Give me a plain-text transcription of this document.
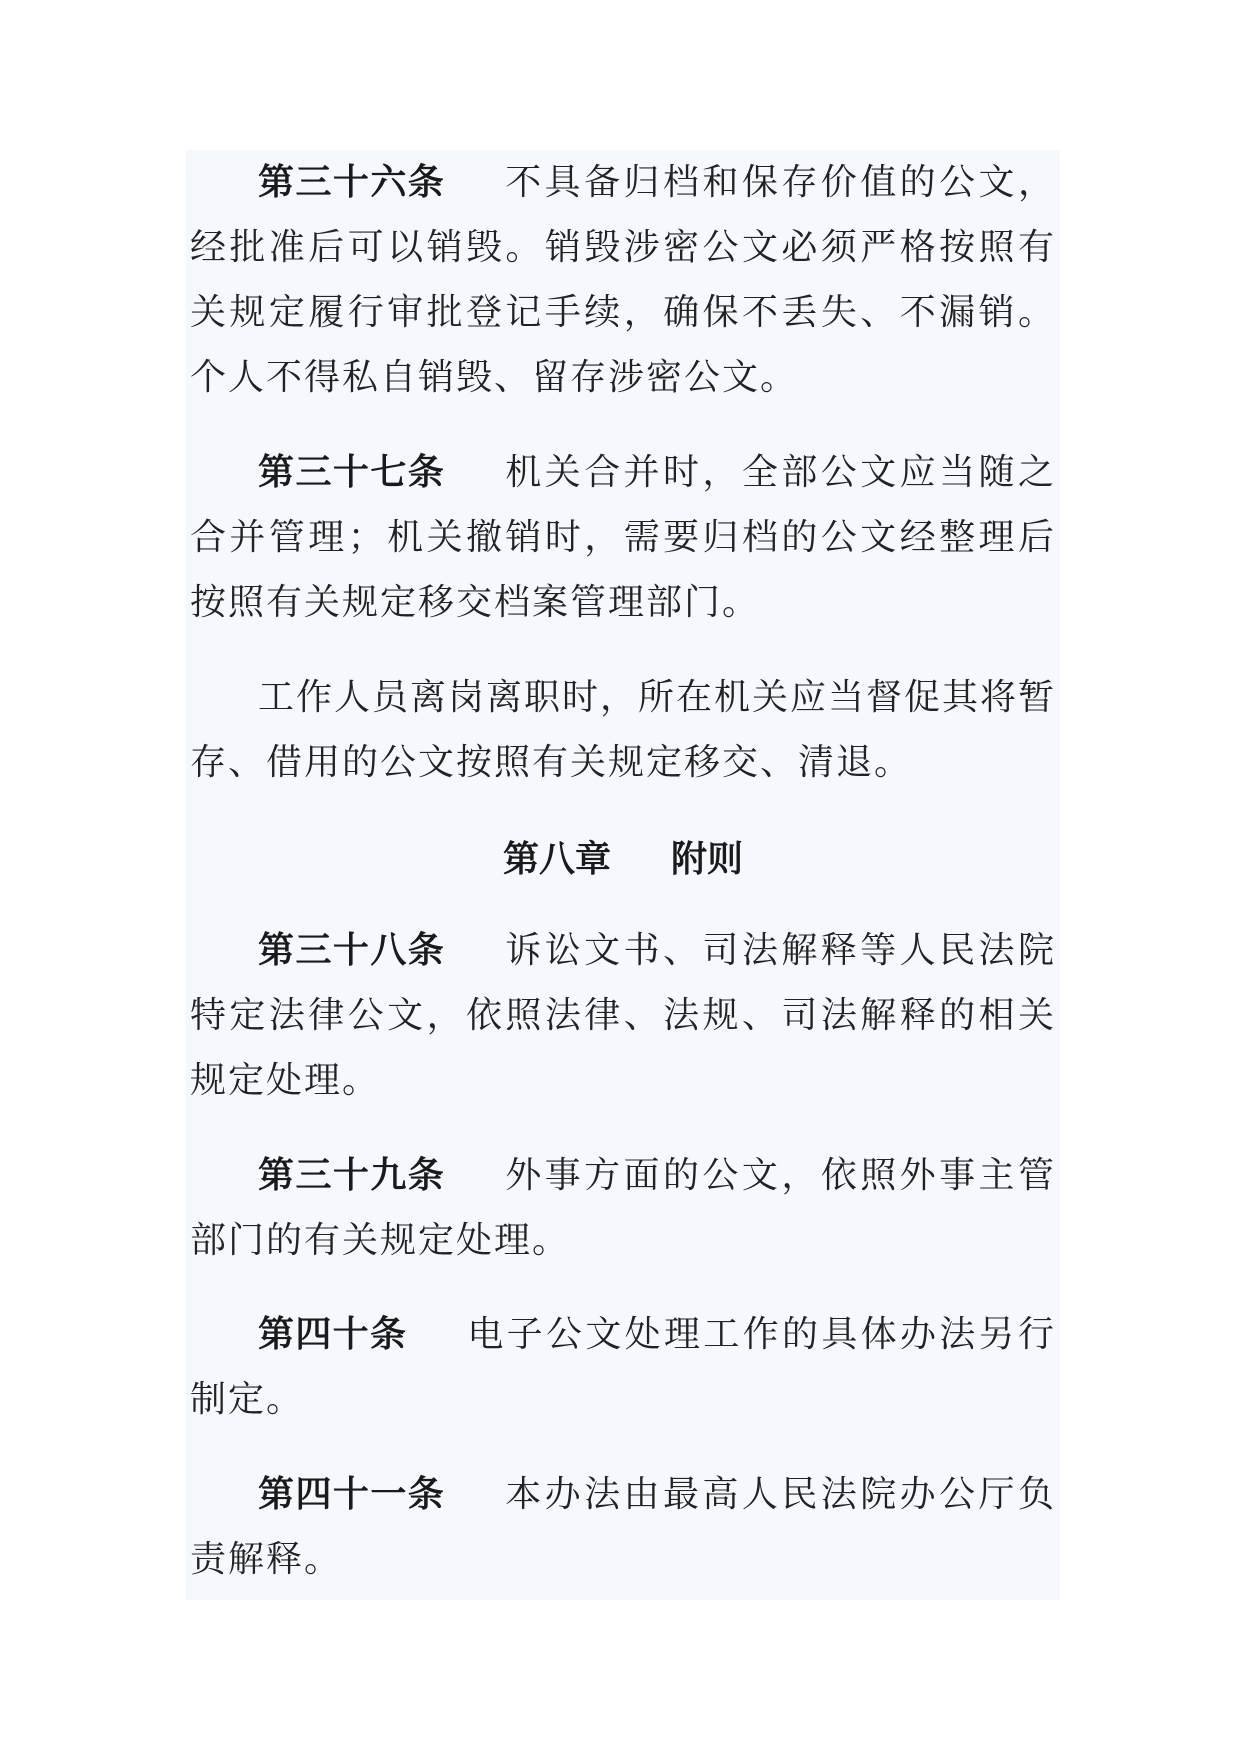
第三十六条 不具备归档和保存价值的公文，经批准后可以销毁。销毁涉密公文必须严格按照有关规定履行审批登记手续，确保不丢失、不漏销。个人不得私自销毁、留存涉密公文。

第三十七条 机关合并时，全部公文应当随之合并管理；机关撤销时，需要归档的公文经整理后按照有关规定移交档案管理部门。

工作人员离岗离职时，所在机关应当督促其将暂存、借用的公文按照有关规定移交、清退。

第八章 附则

第三十八条 诉讼文书、司法解释等人民法院特定法律公文，依照法律、法规、司法解释的相关规定处理。

第三十九条 外事方面的公文，依照外事主管部门的有关规定处理。

第四十条 电子公文处理工作的具体办法另行制定。

第四十一条 本办法由最高人民法院办公厅负责解释。
